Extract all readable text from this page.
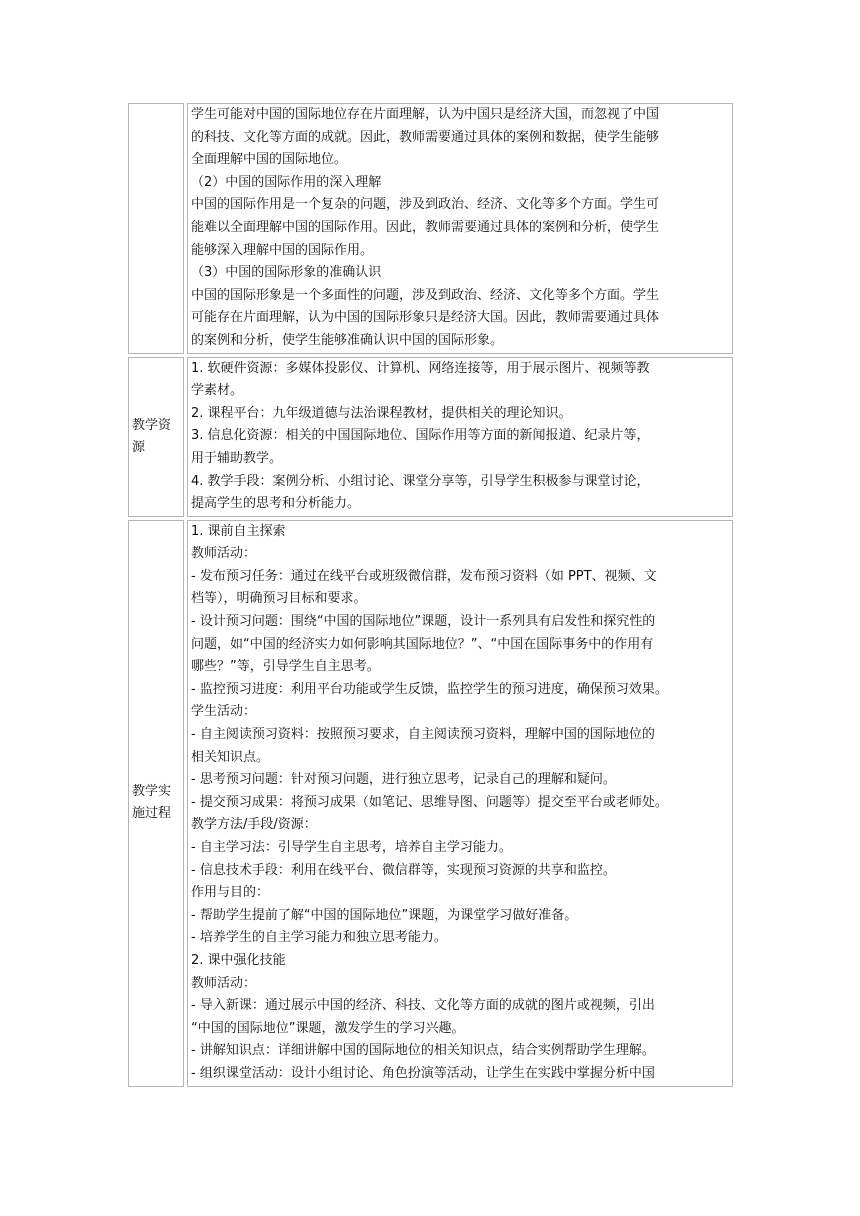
学生可能对中国的国际地位存在片面理解，认为中国只是经济大国，而忽视了中国

的科技、文化等方面的成就。因此，教师需要通过具体的案例和数据，使学生能够

全面理解中国的国际地位。

（2）中国的国际作用的深入理解

中国的国际作用是一个复杂的问题，涉及到政治、经济、文化等多个方面。学生可

能难以全面理解中国的国际作用。因此，教师需要通过具体的案例和分析，使学生

能够深入理解中国的国际作用。

（3）中国的国际形象的准确认识

中国的国际形象是一个多面性的问题，涉及到政治、经济、文化等多个方面。学生

可能存在片面理解，认为中国的国际形象只是经济大国。因此，教师需要通过具体

的案例和分析，使学生能够准确认识中国的国际形象。

教学资源

1. 软硬件资源：多媒体投影仪、计算机、网络连接等，用于展示图片、视频等教

学素材。

2. 课程平台：九年级道德与法治课程教材，提供相关的理论知识。

3. 信息化资源：相关的中国国际地位、国际作用等方面的新闻报道、纪录片等，

用于辅助教学。

4. 教学手段：案例分析、小组讨论、课堂分享等，引导学生积极参与课堂讨论，

提高学生的思考和分析能力。

教学实施过程

1. 课前自主探索

教师活动：

- 发布预习任务：通过在线平台或班级微信群，发布预习资料（如 PPT、视频、文

档等），明确预习目标和要求。

- 设计预习问题：围绕“中国的国际地位”课题，设计一系列具有启发性和探究性的

问题，如“中国的经济实力如何影响其国际地位？”、“中国在国际事务中的作用有

哪些？”等，引导学生自主思考。

- 监控预习进度：利用平台功能或学生反馈，监控学生的预习进度，确保预习效果。

学生活动：

- 自主阅读预习资料：按照预习要求，自主阅读预习资料，理解中国的国际地位的

相关知识点。

- 思考预习问题：针对预习问题，进行独立思考，记录自己的理解和疑问。

- 提交预习成果：将预习成果（如笔记、思维导图、问题等）提交至平台或老师处。

教学方法/手段/资源：

- 自主学习法：引导学生自主思考，培养自主学习能力。

- 信息技术手段：利用在线平台、微信群等，实现预习资源的共享和监控。

作用与目的：

- 帮助学生提前了解“中国的国际地位”课题，为课堂学习做好准备。

- 培养学生的自主学习能力和独立思考能力。

2. 课中强化技能

教师活动：

- 导入新课：通过展示中国的经济、科技、文化等方面的成就的图片或视频，引出

“中国的国际地位”课题，激发学生的学习兴趣。

- 讲解知识点：详细讲解中国的国际地位的相关知识点，结合实例帮助学生理解。

- 组织课堂活动：设计小组讨论、角色扮演等活动，让学生在实践中掌握分析中国
